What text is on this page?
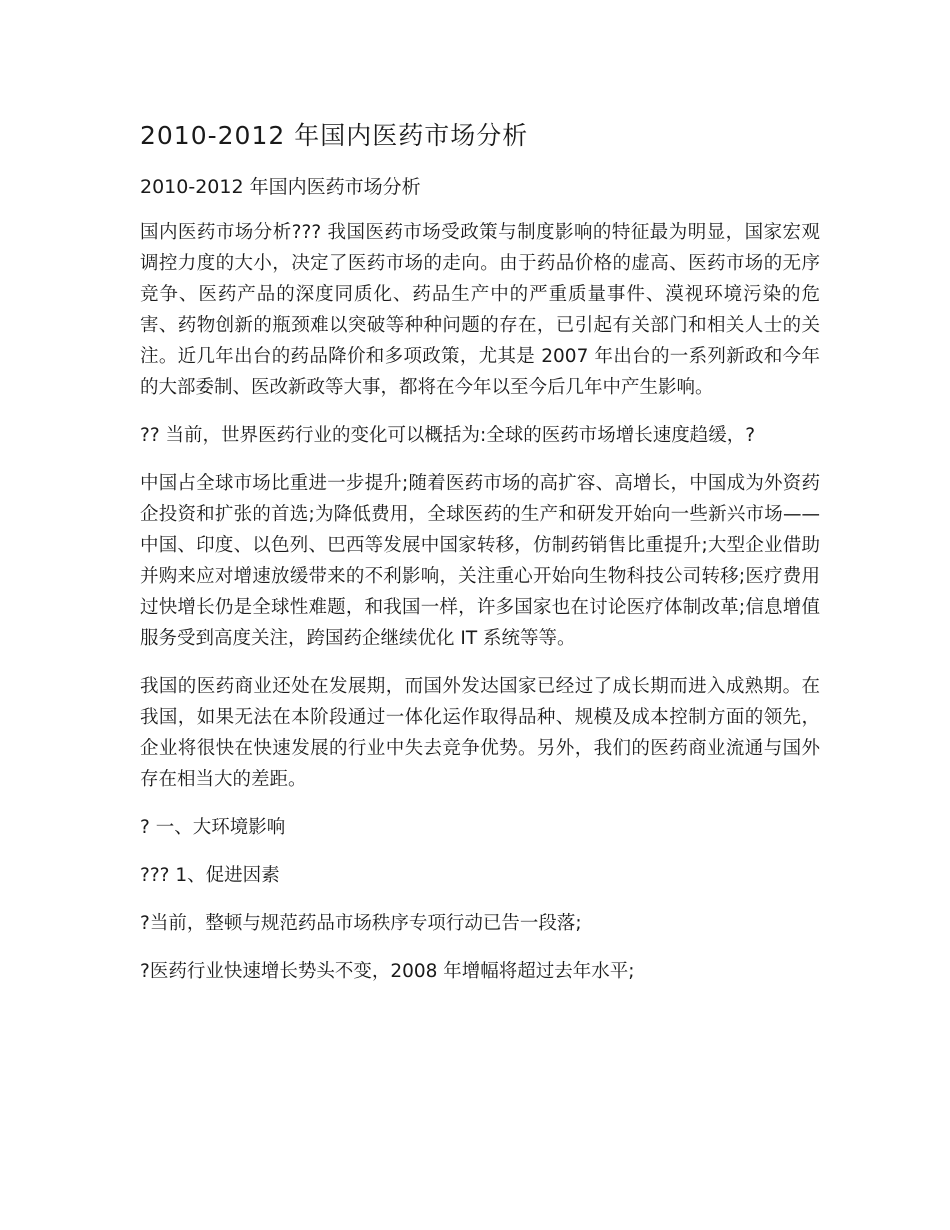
2010-2012 年国内医药市场分析

2010-2012 年国内医药市场分析

国内医药市场分析??? 我国医药市场受政策与制度影响的特征最为明显，国家宏观调控力度的大小，决定了医药市场的走向。由于药品价格的虚高、医药市场的无序竞争、医药产品的深度同质化、药品生产中的严重质量事件、漠视环境污染的危害、药物创新的瓶颈难以突破等种种问题的存在，已引起有关部门和相关人士的关注。近几年出台的药品降价和多项政策，尤其是 2007 年出台的一系列新政和今年的大部委制、医改新政等大事，都将在今年以至今后几年中产生影响。

?? 当前，世界医药行业的变化可以概括为:全球的医药市场增长速度趋缓，?

中国占全球市场比重进一步提升;随着医药市场的高扩容、高增长，中国成为外资药企投资和扩张的首选;为降低费用，全球医药的生产和研发开始向一些新兴市场——中国、印度、以色列、巴西等发展中国家转移，仿制药销售比重提升;大型企业借助并购来应对增速放缓带来的不利影响，关注重心开始向生物科技公司转移;医疗费用过快增长仍是全球性难题，和我国一样，许多国家也在讨论医疗体制改革;信息增值服务受到高度关注，跨国药企继续优化 IT 系统等等。

我国的医药商业还处在发展期，而国外发达国家已经过了成长期而进入成熟期。在我国，如果无法在本阶段通过一体化运作取得品种、规模及成本控制方面的领先，企业将很快在快速发展的行业中失去竞争优势。另外，我们的医药商业流通与国外存在相当大的差距。

? 一、大环境影响

??? 1、促进因素

?当前，整顿与规范药品市场秩序专项行动已告一段落;

?医药行业快速增长势头不变，2008 年增幅将超过去年水平;
